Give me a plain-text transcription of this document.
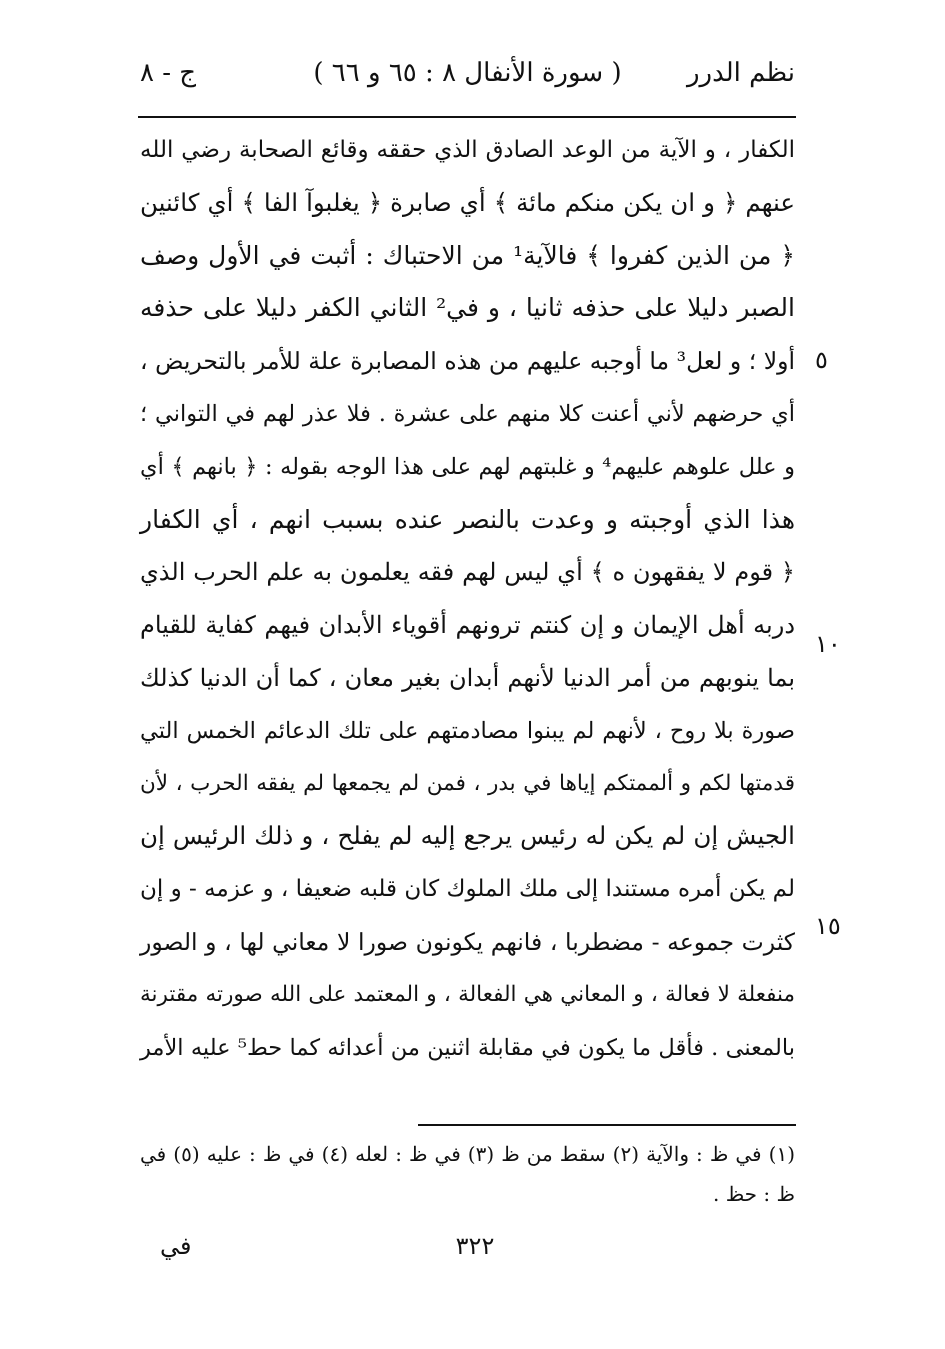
نظم الدرر
( سورة الأنفال ٨ : ٦٥ و ٦٦ )
ج - ٨
الكفار ، و الآية من الوعد الصادق الذي حققه وقائع الصحابة رضي الله
عنهم ﴿ و ان يكن منكم مائة ﴾ أي صابرة ﴿ يغلبوآ الفا ﴾ أي كائنين
﴿ من الذين كفروا ﴾ فالآية¹ من الاحتباك : أثبت في الأول وصف
الصبر دليلا على حذفه ثانيا ، و في² الثاني الكفر دليلا على حذفه
أولا ؛ و لعل³ ما أوجبه عليهم من هذه المصابرة علة للأمر بالتحريض ،
أي حرضهم لأني أعنت كلا منهم على عشرة . فلا عذر لهم في التواني ؛
و علل علوهم عليهم⁴ و غلبتهم لهم على هذا الوجه بقوله : ﴿ بانهم ﴾ أي
هذا الذي أوجبته و وعدت بالنصر عنده بسبب انهم ، أي الكفار
﴿ قوم لا يفقهون ه ﴾ أي ليس لهم فقه يعلمون به علم الحرب الذي
دربه أهل الإيمان و إن كنتم ترونهم أقوياء الأبدان فيهم كفاية للقيام
بما ينوبهم من أمر الدنيا لأنهم أبدان بغير معان ، كما أن الدنيا كذلك
صورة بلا روح ، لأنهم لم يبنوا مصادمتهم على تلك الدعائم الخمس التي
قدمتها لكم و ألممتكم إياها في بدر ، فمن لم يجمعها لم يفقه الحرب ، لأن
الجيش إن لم يكن له رئيس يرجع إليه لم يفلح ، و ذلك الرئيس إن
لم يكن أمره مستندا إلى ملك الملوك كان قلبه ضعيفا ، و عزمه - و إن
كثرت جموعه - مضطربا ، فانهم يكونون صورا لا معاني لها ، و الصور
منفعلة لا فعالة ، و المعاني هي الفعالة ، و المعتمد على الله صورته مقترنة
بالمعنى . فأقل ما يكون في مقابلة اثنين من أعدائه كما حط⁵ عليه الأمر
٥
١٠
١٥
(١) في ظ : والآية (٢) سقط من ظ (٣) في ظ : لعله (٤) في ظ : عليه (٥) في
ظ : حظ .
٣٢٢
في
